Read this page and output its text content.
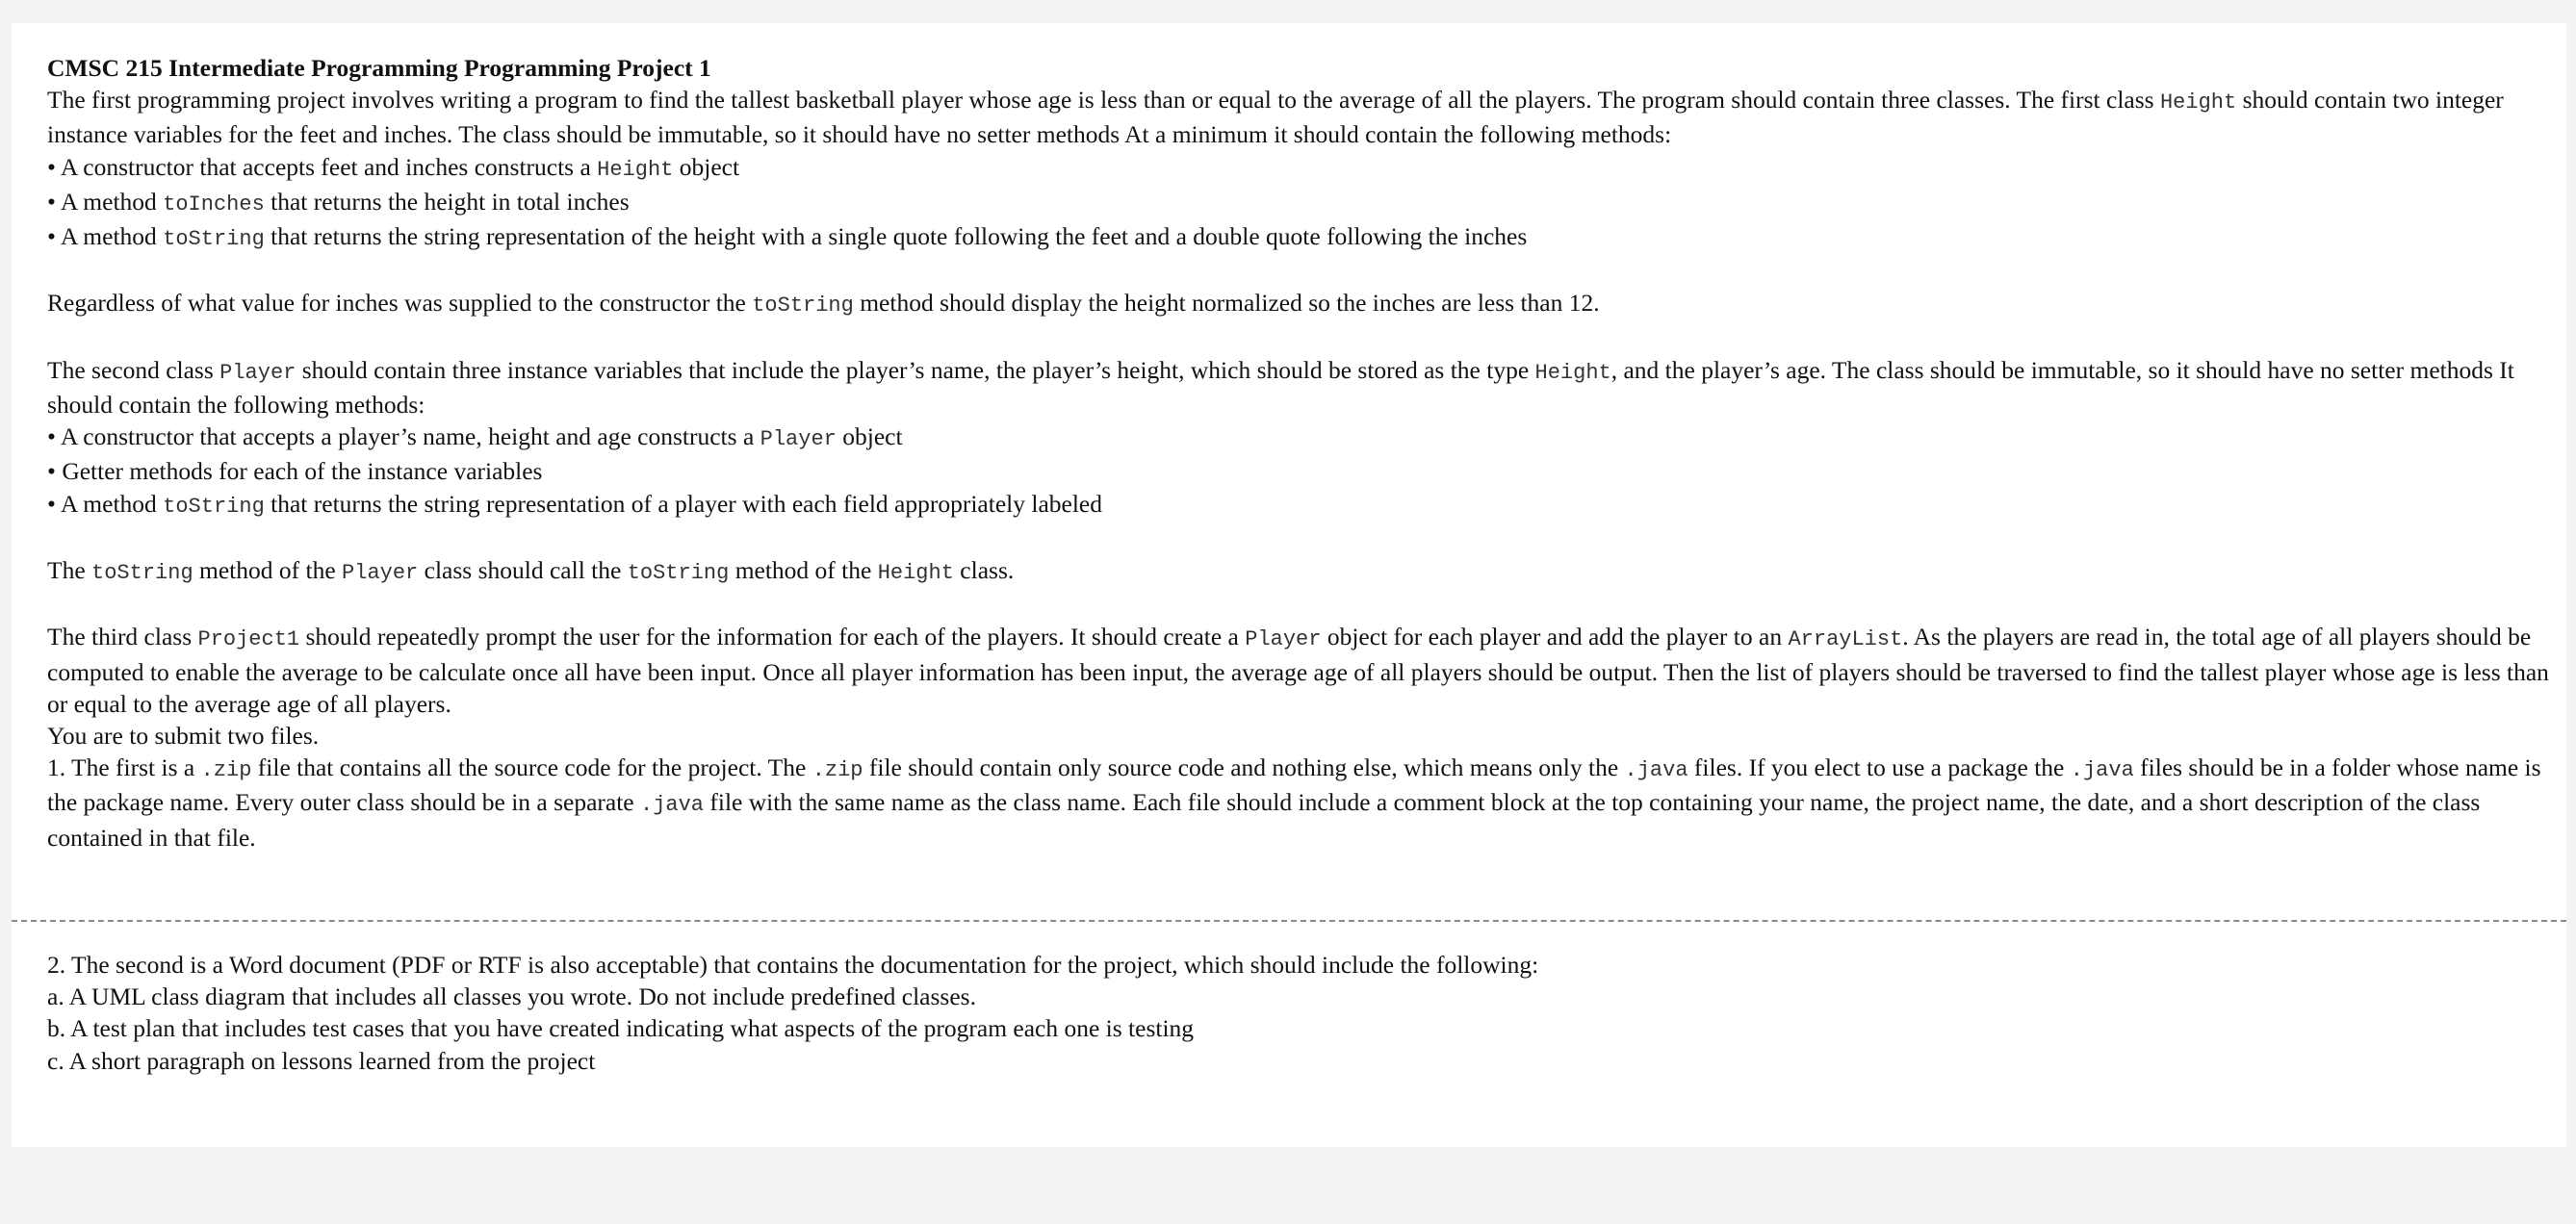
CMSC 215 Intermediate Programming Programming Project 1

The first programming project involves writing a program to find the tallest basketball player whose age is less than or equal to the average of all the players. The program should contain three classes. The first class Height should contain two integer instance variables for the feet and inches. The class should be immutable, so it should have no setter methods At a minimum it should contain the following methods:

• A constructor that accepts feet and inches constructs a Height object
• A method toInches that returns the height in total inches
• A method toString that returns the string representation of the height with a single quote following the feet and a double quote following the inches

Regardless of what value for inches was supplied to the constructor the toString method should display the height normalized so the inches are less than 12.

The second class Player should contain three instance variables that include the player’s name, the player’s height, which should be stored as the type Height, and the player’s age. The class should be immutable, so it should have no setter methods It should contain the following methods:

• A constructor that accepts a player’s name, height and age constructs a Player object
• Getter methods for each of the instance variables
• A method toString that returns the string representation of a player with each field appropriately labeled

The toString method of the Player class should call the toString method of the Height class.

The third class Project1 should repeatedly prompt the user for the information for each of the players. It should create a Player object for each player and add the player to an ArrayList. As the players are read in, the total age of all players should be computed to enable the average to be calculate once all have been input. Once all player information has been input, the average age of all players should be output. Then the list of players should be traversed to find the tallest player whose age is less than or equal to the average age of all players.

You are to submit two files.

1. The first is a .zip file that contains all the source code for the project. The .zip file should contain only source code and nothing else, which means only the .java files. If you elect to use a package the .java files should be in a folder whose name is the package name. Every outer class should be in a separate .java file with the same name as the class name. Each file should include a comment block at the top containing your name, the project name, the date, and a short description of the class contained in that file.

2. The second is a Word document (PDF or RTF is also acceptable) that contains the documentation for the project, which should include the following:

a. A UML class diagram that includes all classes you wrote. Do not include predefined classes.

b. A test plan that includes test cases that you have created indicating what aspects of the program each one is testing

c. A short paragraph on lessons learned from the project
